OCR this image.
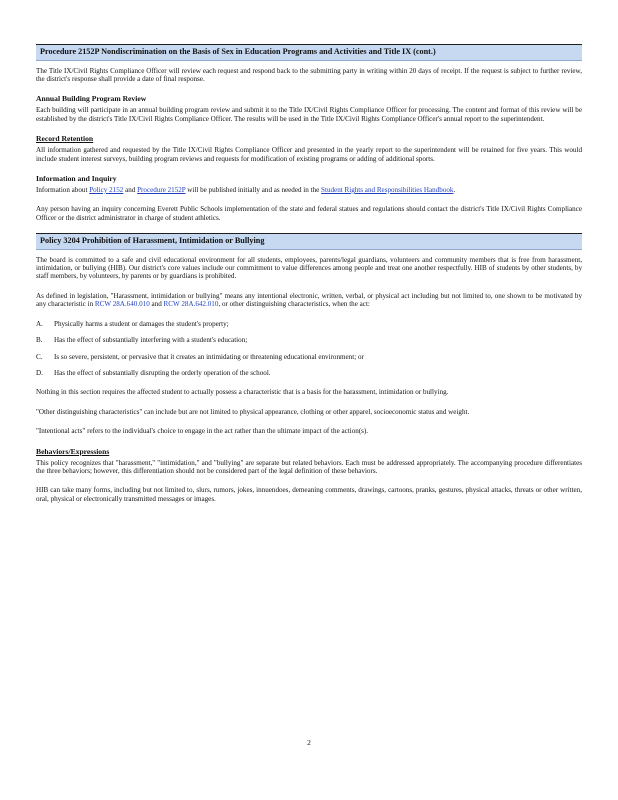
Procedure 2152P Nondiscrimination on the Basis of Sex in Education Programs and Activities and Title IX (cont.)

The Title IX/Civil Rights Compliance Officer will review each request and respond back to the submitting party in writing within 20 days of receipt. If the request is subject to further review, the district's response shall provide a date of final response.

Annual Building Program Review

Each building will participate in an annual building program review and submit it to the Title IX/Civil Rights Compliance Officer for processing. The content and format of this review will be established by the district's Title IX/Civil Rights Compliance Officer. The results will be used in the Title IX/Civil Rights Compliance Officer's annual report to the superintendent.

Record Retention

All information gathered and requested by the Title IX/Civil Rights Compliance Officer and presented in the yearly report to the superintendent will be retained for five years. This would include student interest surveys, building program reviews and requests for modification of existing programs or adding of additional sports.

Information and Inquiry

Information about Policy 2152 and Procedure 2152P will be published initially and as needed in the Student Rights and Responsibilities Handbook.

Any person having an inquiry concerning Everett Public Schools implementation of the state and federal statues and regulations should contact the district's Title IX/Civil Rights Compliance Officer or the district administrator in charge of student athletics.

Policy 3204 Prohibition of Harassment, Intimidation or Bullying

The board is committed to a safe and civil educational environment for all students, employees, parents/legal guardians, volunteers and community members that is free from harassment, intimidation, or bullying (HIB). Our district's core values include our commitment to value differences among people and treat one another respectfully. HIB of students by other students, by staff members, by volunteers, by parents or by guardians is prohibited.

As defined in legislation, "Harassment, intimidation or bullying" means any intentional electronic, written, verbal, or physical act including but not limited to, one shown to be motivated by any characteristic in RCW 28A.640.010 and RCW 28A.642.010, or other distinguishing characteristics, when the act:

A.	Physically harms a student or damages the student's property;
B.	Has the effect of substantially interfering with a student's education;
C.	Is so severe, persistent, or pervasive that it creates an intimidating or threatening educational environment; or
D.	Has the effect of substantially disrupting the orderly operation of the school.

Nothing in this section requires the affected student to actually possess a characteristic that is a basis for the harassment, intimidation or bullying.

"Other distinguishing characteristics" can include but are not limited to physical appearance, clothing or other apparel, socioeconomic status and weight.

"Intentional acts" refers to the individual's choice to engage in the act rather than the ultimate impact of the action(s).

Behaviors/Expressions

This policy recognizes that "harassment," "intimidation," and "bullying" are separate but related behaviors. Each must be addressed appropriately. The accompanying procedure differentiates the three behaviors; however, this differentiation should not be considered part of the legal definition of these behaviors.

HIB can take many forms, including but not limited to, slurs, rumors, jokes, innuendoes, demeaning comments, drawings, cartoons, pranks, gestures, physical attacks, threats or other written, oral, physical or electronically transmitted messages or images.

2
